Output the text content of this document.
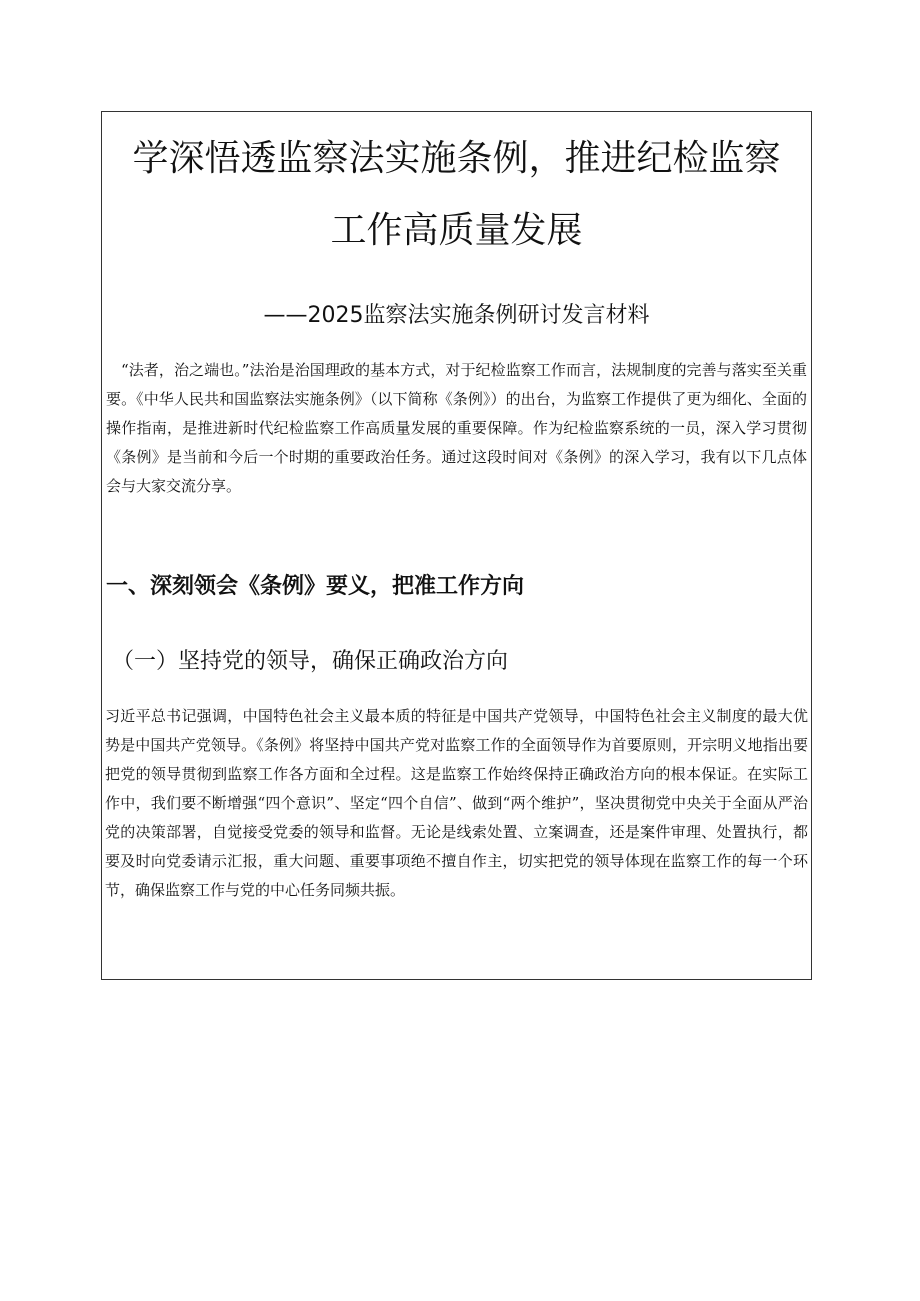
学深悟透监察法实施条例，推进纪检监察
工作高质量发展
——2025监察法实施条例研讨发言材料

“法者，治之端也。”法治是治国理政的基本方式，对于纪检监察工作而言，法规制度的完善与落实至关重要。《中华人民共和国监察法实施条例》（以下简称《条例》）的出台，为监察工作提供了更为细化、全面的操作指南，是推进新时代纪检监察工作高质量发展的重要保障。作为纪检监察系统的一员，深入学习贯彻《条例》是当前和今后一个时期的重要政治任务。通过这段时间对《条例》的深入学习，我有以下几点体会与大家交流分享。

一、深刻领会《条例》要义，把准工作方向
（一）坚持党的领导，确保正确政治方向

习近平总书记强调，中国特色社会主义最本质的特征是中国共产党领导，中国特色社会主义制度的最大优势是中国共产党领导。《条例》将坚持中国共产党对监察工作的全面领导作为首要原则，开宗明义地指出要把党的领导贯彻到监察工作各方面和全过程。这是监察工作始终保持正确政治方向的根本保证。在实际工作中，我们要不断增强“四个意识”、坚定“四个自信”、做到“两个维护”，坚决贯彻党中央关于全面从严治党的决策部署，自觉接受党委的领导和监督。无论是线索处置、立案调查，还是案件审理、处置执行，都要及时向党委请示汇报，重大问题、重要事项绝不擅自作主，切实把党的领导体现在监察工作的每一个环节，确保监察工作与党的中心任务同频共振。
